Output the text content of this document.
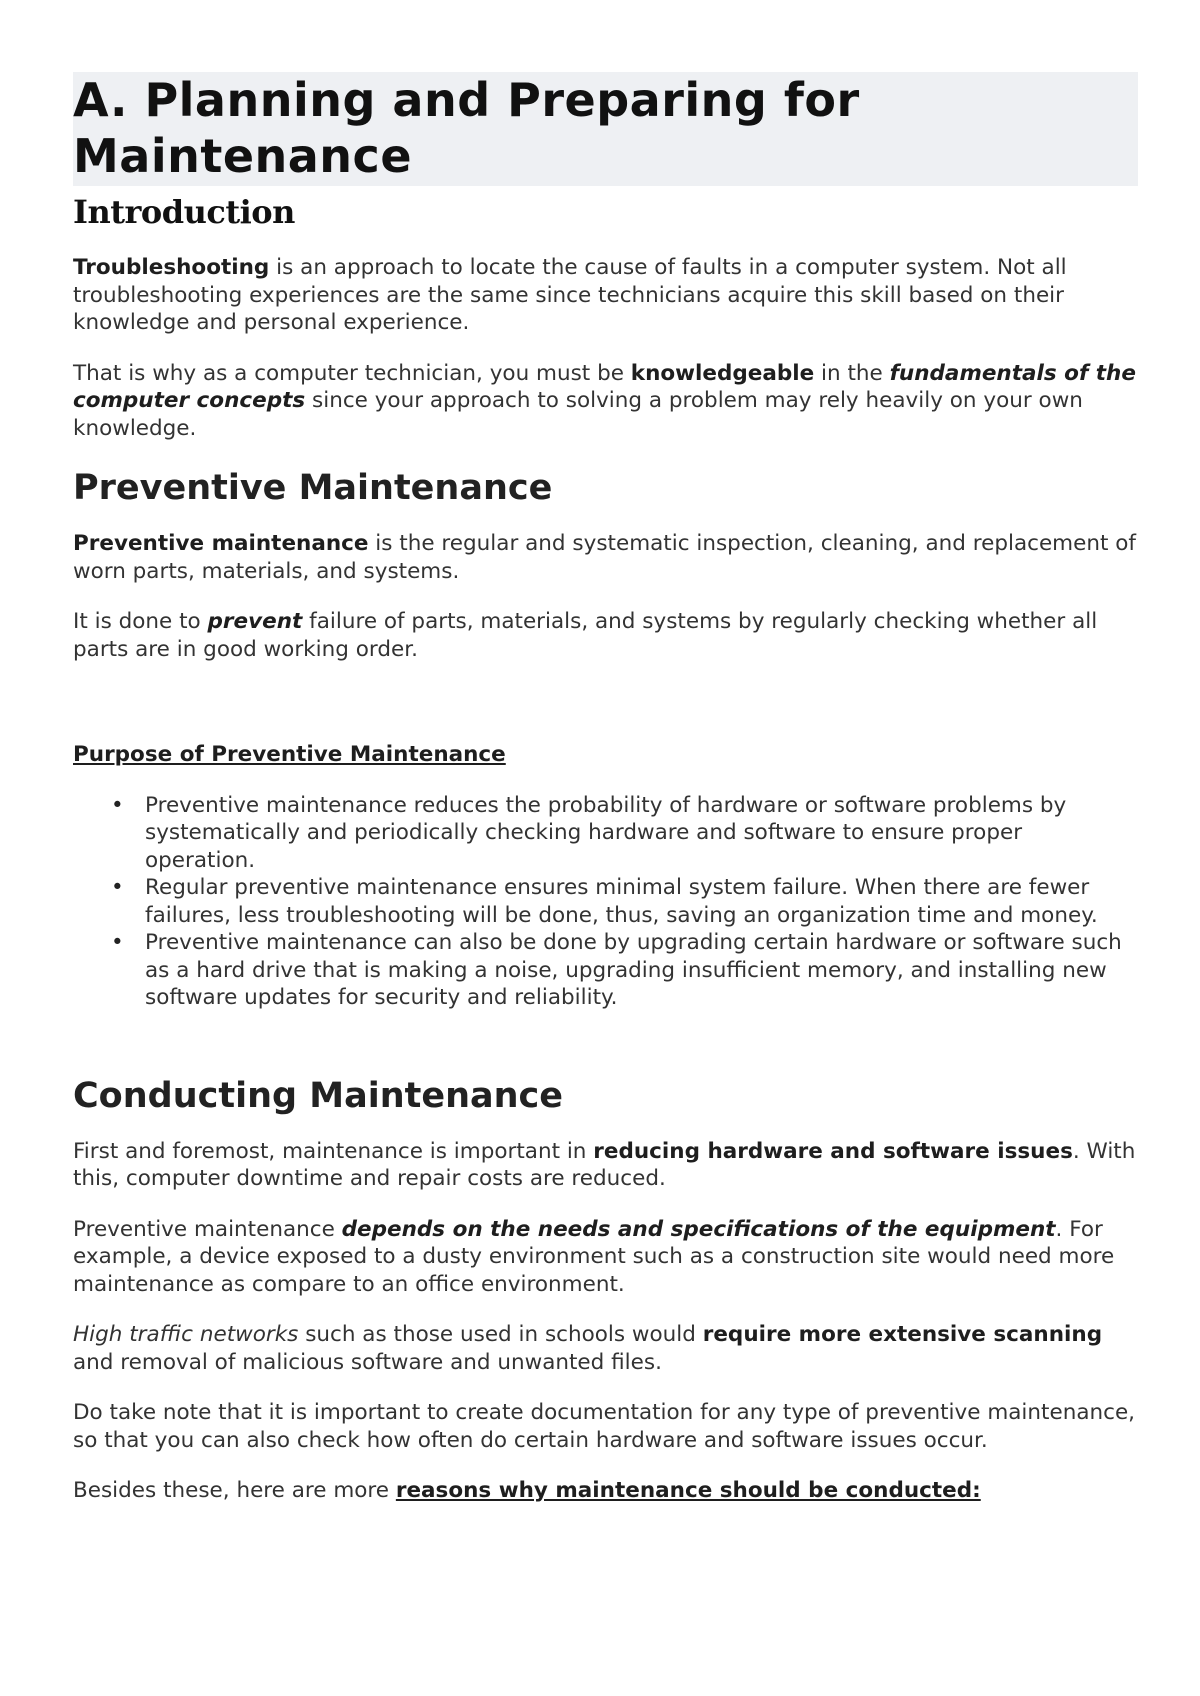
A. Planning and Preparing for Maintenance
Introduction

Troubleshooting is an approach to locate the cause of faults in a computer system. Not all troubleshooting experiences are the same since technicians acquire this skill based on their knowledge and personal experience.

That is why as a computer technician, you must be knowledgeable in the fundamentals of the computer concepts since your approach to solving a problem may rely heavily on your own knowledge.

Preventive Maintenance

Preventive maintenance is the regular and systematic inspection, cleaning, and replacement of worn parts, materials, and systems.

It is done to prevent failure of parts, materials, and systems by regularly checking whether all parts are in good working order.

Purpose of Preventive Maintenance

• Preventive maintenance reduces the probability of hardware or software problems by systematically and periodically checking hardware and software to ensure proper operation.
• Regular preventive maintenance ensures minimal system failure. When there are fewer failures, less troubleshooting will be done, thus, saving an organization time and money.
• Preventive maintenance can also be done by upgrading certain hardware or software such as a hard drive that is making a noise, upgrading insufficient memory, and installing new software updates for security and reliability.
Conducting Maintenance

First and foremost, maintenance is important in reducing hardware and software issues. With this, computer downtime and repair costs are reduced.

Preventive maintenance depends on the needs and specifications of the equipment. For example, a device exposed to a dusty environment such as a construction site would need more maintenance as compare to an office environment.

High traffic networks such as those used in schools would require more extensive scanning and removal of malicious software and unwanted files.

Do take note that it is important to create documentation for any type of preventive maintenance, so that you can also check how often do certain hardware and software issues occur.

Besides these, here are more reasons why maintenance should be conducted:
